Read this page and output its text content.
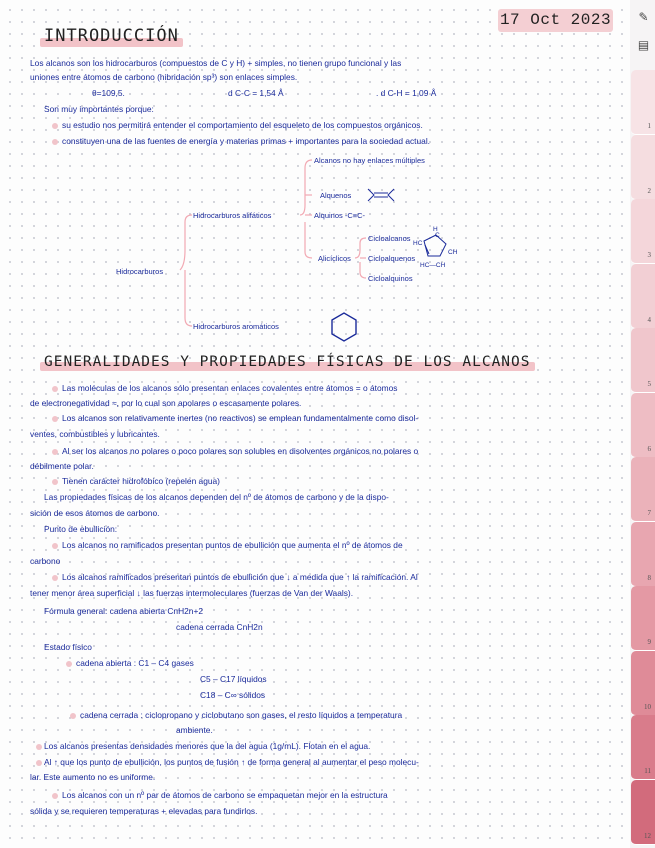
17 Oct 2023
INTRODUCCIÓN
Los alcanos son los hidrocarburos (compuestos de C y H) + simples, no tienen grupo funcional y las
uniones entre átomos de carbono (hibridación sp³) son enlaces simples.
θ=109,5.	d C-C = 1,54 Å	. d C-H = 1,09 Å
Son muy importantes porque:
su estudio nos permitirá entender el comportamiento del esqueleto de los compuestos orgánicos.
constituyen una de las fuentes de energía y materias primas + importantes para la sociedad actual.
Hidrocarburos
Hidrocarburos alifáticos
Hidrocarburos aromáticos
Alcanos no hay enlaces múltiples
Alquenos
Alquinos -C≡C-
Alicíclicos
Cicloalcanos
Cicloalquenos
Cicloalquinos
H
C
HC
CH
HC—CH
GENERALIDADES Y PROPIEDADES FÍSICAS DE LOS ALCANOS
Las moléculas de los alcanos sólo presentan enlaces covalentes entre átomos = o átomos
de electronegatividad ≈, por lo cual son apolares o escasamente polares.
Los alcanos son relativamente inertes (no reactivos) se emplean fundamentalmente como disol-
ventes, combustibles y lubricantes.
Al ser los alcanos no polares o poco polares son solubles en disolventes orgánicos no polares o
débilmente polar.
Tienen carácter hidrofóbico (repelen agua)
Las propiedades físicas de los alcanos dependen del nº de átomos de carbono y de la dispo-
sición de esos átomos de carbono.
Punto de ebullición:
Los alcanos no ramificados presentan puntos de ebullición que aumenta el nº de átomos de
carbono
Los alcanos ramificados presentan puntos de ebullición que ↓ a medida que ↑ la ramificación. Al
tener menor área superficial ↓ las fuerzas intermoleculares (fuerzas de Van der Waals).
Fórmula general: cadena abierta CnH2n+2
cadena cerrada CnH2n
Estado físico
cadena abierta : C1 – C4 gases
C5 – C17 líquidos
C18 – C∞ sólidos
cadena cerrada : ciclopropano y ciclobutano son gases, el resto líquidos a temperatura
ambiente.
Los alcanos presentas densidades menores que la del agua (1g/mL). Flotan en el agua.
Al ↑ que los punto de ebullición, los puntos de fusión ↑ de forma general al aumentar el peso molecu-
lar. Este aumento no es uniforme.
Los alcanos con un nº par de átomos de carbono se empaquetan mejor en la estructura
sólida y se requieren temperaturas + elevadas para fundirlos.
✎
▤
1
2
3
4
5
6
7
8
9
10
11
12
